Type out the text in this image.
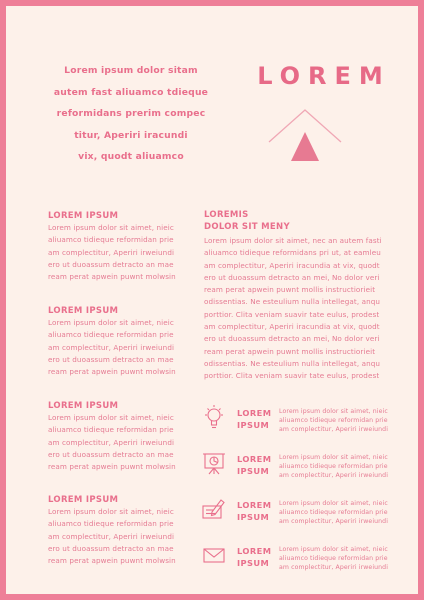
Lorem ipsum dolor sitam
autem fast aliuamco tdieque
reformidans prerim compec
titur, Aperiri iracundi
vix, quodt aliuamco
LOREM
LOREM IPSUM
Lorem ipsum dolor sit aimet, nieic
aliuamco tidieque reformidan prie
am complectitur, Aperiri irweiundi
ero ut duoassum detracto an mae
ream perat apwein puwnt molwsin
LOREM IPSUM
Lorem ipsum dolor sit aimet, nieic
aliuamco tidieque reformidan prie
am complectitur, Aperiri irweiundi
ero ut duoassum detracto an mae
ream perat apwein puwnt molwsin
LOREM IPSUM
Lorem ipsum dolor sit aimet, nieic
aliuamco tidieque reformidan prie
am complectitur, Aperiri irweiundi
ero ut duoassum detracto an mae
ream perat apwein puwnt molwsin
LOREM IPSUM
Lorem ipsum dolor sit aimet, nieic
aliuamco tidieque reformidan prie
am complectitur, Aperiri irweiundi
ero ut duoassum detracto an mae
ream perat apwein puwnt molwsin
LOREMIS
DOLOR SIT MENY
Lorem ipsum dolor sit aimet, nec an autem fasti
aliuamco tidieque reformidans pri ut, at eamleu
am complectitur, Aperiri iracundia at vix, quodt
ero ut duoassum detracto an mei, No dolor veri
ream perat apwein puwnt mollis instructiorieit
odissentias. Ne esteulium nulla intellegat, anqu
porttior. Clita veniam suavir tate eulus, prodest
am complectitur, Aperiri iracundia at vix, quodt
ero ut duoassum detracto an mei, No dolor veri
ream perat apwein puwnt mollis instructiorieit
odissentias. Ne esteulium nulla intellegat, anqu
porttior. Clita veniam suavir tate eulus, prodest
LOREM
IPSUM
Lorem ipsum dolor sit aimet, nieic
aliuamco tidieque reformidan prie
am complectitur, Aperiri irweiundi
LOREM
IPSUM
Lorem ipsum dolor sit aimet, nieic
aliuamco tidieque reformidan prie
am complectitur, Aperiri irweiundi
LOREM
IPSUM
Lorem ipsum dolor sit aimet, nieic
aliuamco tidieque reformidan prie
am complectitur, Aperiri irweiundi
LOREM
IPSUM
Lorem ipsum dolor sit aimet, nieic
aliuamco tidieque reformidan prie
am complectitur, Aperiri irweiundi
